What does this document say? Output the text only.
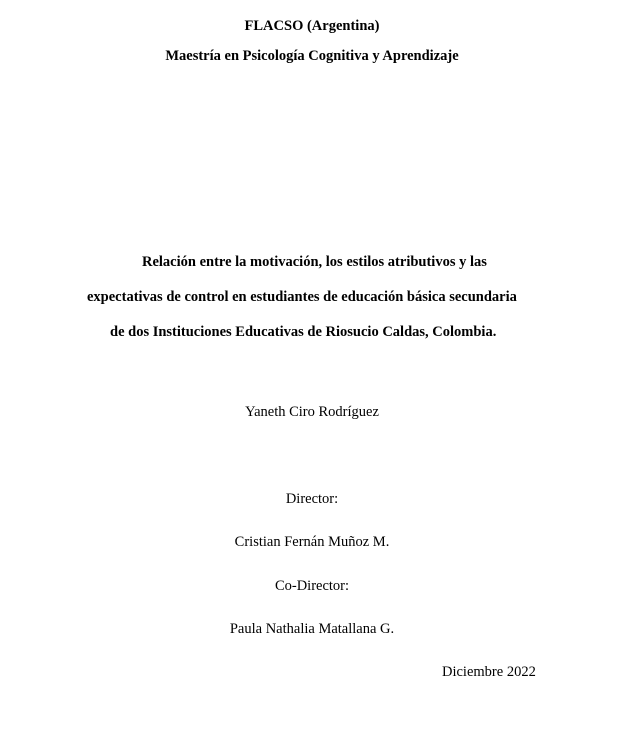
FLACSO (Argentina)
Maestría en Psicología Cognitiva y Aprendizaje
Relación entre la motivación, los estilos atributivos y las
expectativas de control en estudiantes de educación básica secundaria
de dos Instituciones Educativas de Riosucio Caldas, Colombia.
Yaneth Ciro Rodríguez
Director:
Cristian Fernán Muñoz M.
Co-Director:
Paula Nathalia Matallana G.
Diciembre 2022
